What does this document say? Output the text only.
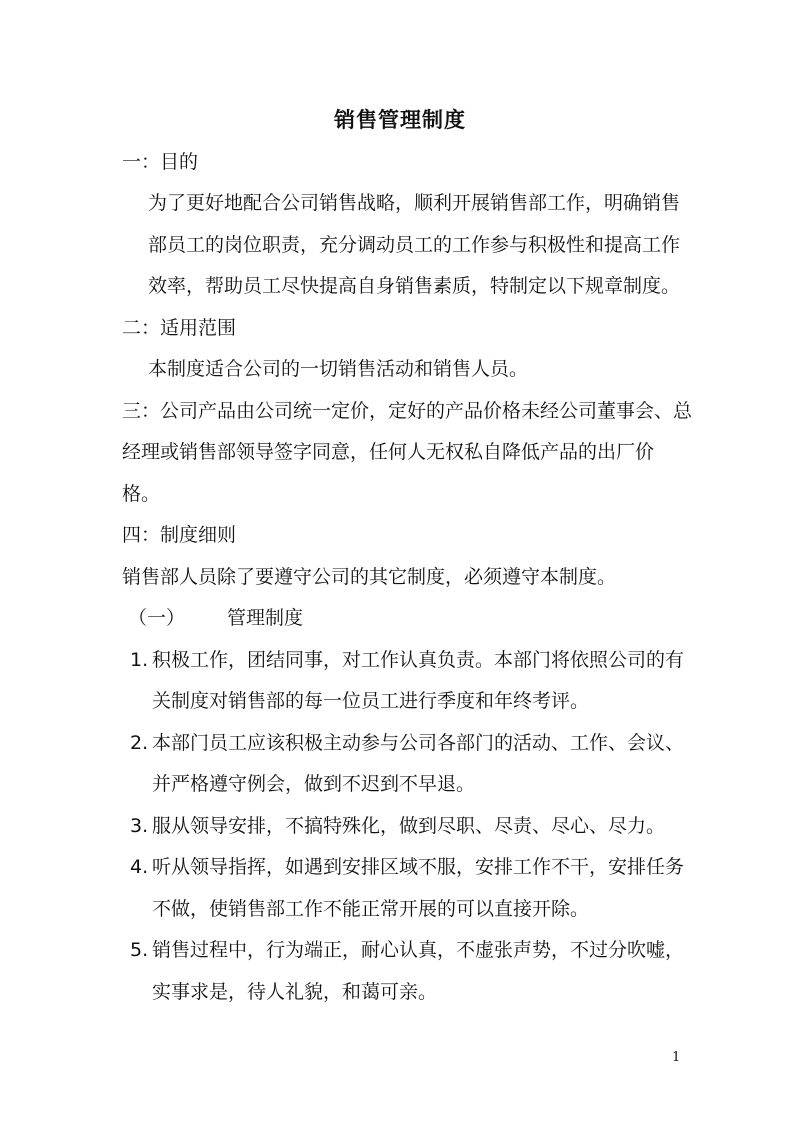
销售管理制度
一：目的
为了更好地配合公司销售战略，顺利开展销售部工作，明确销售
部员工的岗位职责，充分调动员工的工作参与积极性和提高工作
效率，帮助员工尽快提高自身销售素质，特制定以下规章制度。
二：适用范围
本制度适合公司的一切销售活动和销售人员。
三：公司产品由公司统一定价，定好的产品价格未经公司董事会、总
经理或销售部领导签字同意，任何人无权私自降低产品的出厂价
格。
四：制度细则
销售部人员除了要遵守公司的其它制度，必须遵守本制度。
（一） 管理制度
1. 积极工作，团结同事，对工作认真负责。本部门将依照公司的有
关制度对销售部的每一位员工进行季度和年终考评。
2. 本部门员工应该积极主动参与公司各部门的活动、工作、会议、
并严格遵守例会，做到不迟到不早退。
3. 服从领导安排，不搞特殊化，做到尽职、尽责、尽心、尽力。
4. 听从领导指挥，如遇到安排区域不服，安排工作不干，安排任务
不做，使销售部工作不能正常开展的可以直接开除。
5. 销售过程中，行为端正，耐心认真，不虚张声势，不过分吹嘘，
实事求是，待人礼貌，和蔼可亲。
1
